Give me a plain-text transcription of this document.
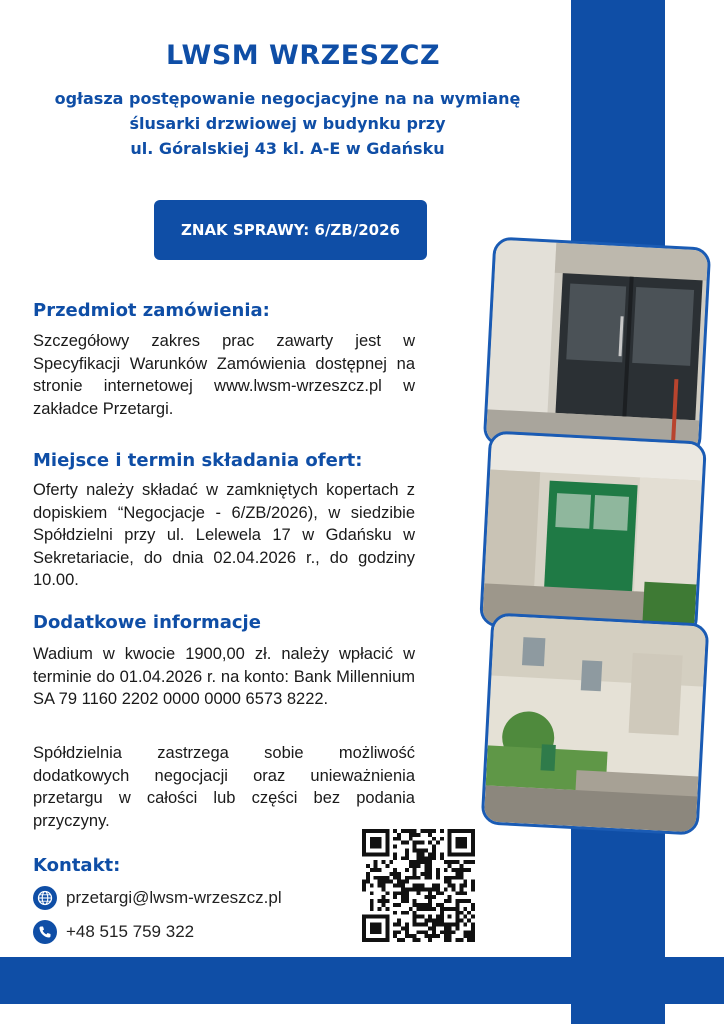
LWSM WRZESZCZ
ogłasza postępowanie negocjacyjne na na wymianę
ślusarki drzwiowej w budynku przy
ul. Góralskiej 43 kl. A-E w Gdańsku
ZNAK SPRAWY: 6/ZB/2026
Przedmiot zamówienia:

Szczegółowy zakres prac zawarty jest w Specyfikacji Warunków Zamówienia dostępnej na stronie internetowej www.lwsm-wrzeszcz.pl w zakładce Przetargi.

Miejsce i termin składania ofert:

Oferty należy składać w zamkniętych kopertach z dopiskiem “Negocjacje - 6/ZB/2026), w siedzibie Spółdzielni przy ul. Lelewela 17 w Gdańsku w Sekretariacie, do dnia 02.04.2026 r., do godziny 10.00.

Dodatkowe informacje

Wadium w kwocie 1900,00 zł. należy wpłacić w terminie do 01.04.2026 r. na konto: Bank Millennium SA 79 1160 2202 0000 0000 6573 8222.

Spółdzielnia zastrzega sobie możliwość dodatkowych negocjacji oraz unieważnienia przetargu w całości lub części bez podania przyczyny.

Kontakt:
przetargi@lwsm-wrzeszcz.pl
+48 515 759 322
